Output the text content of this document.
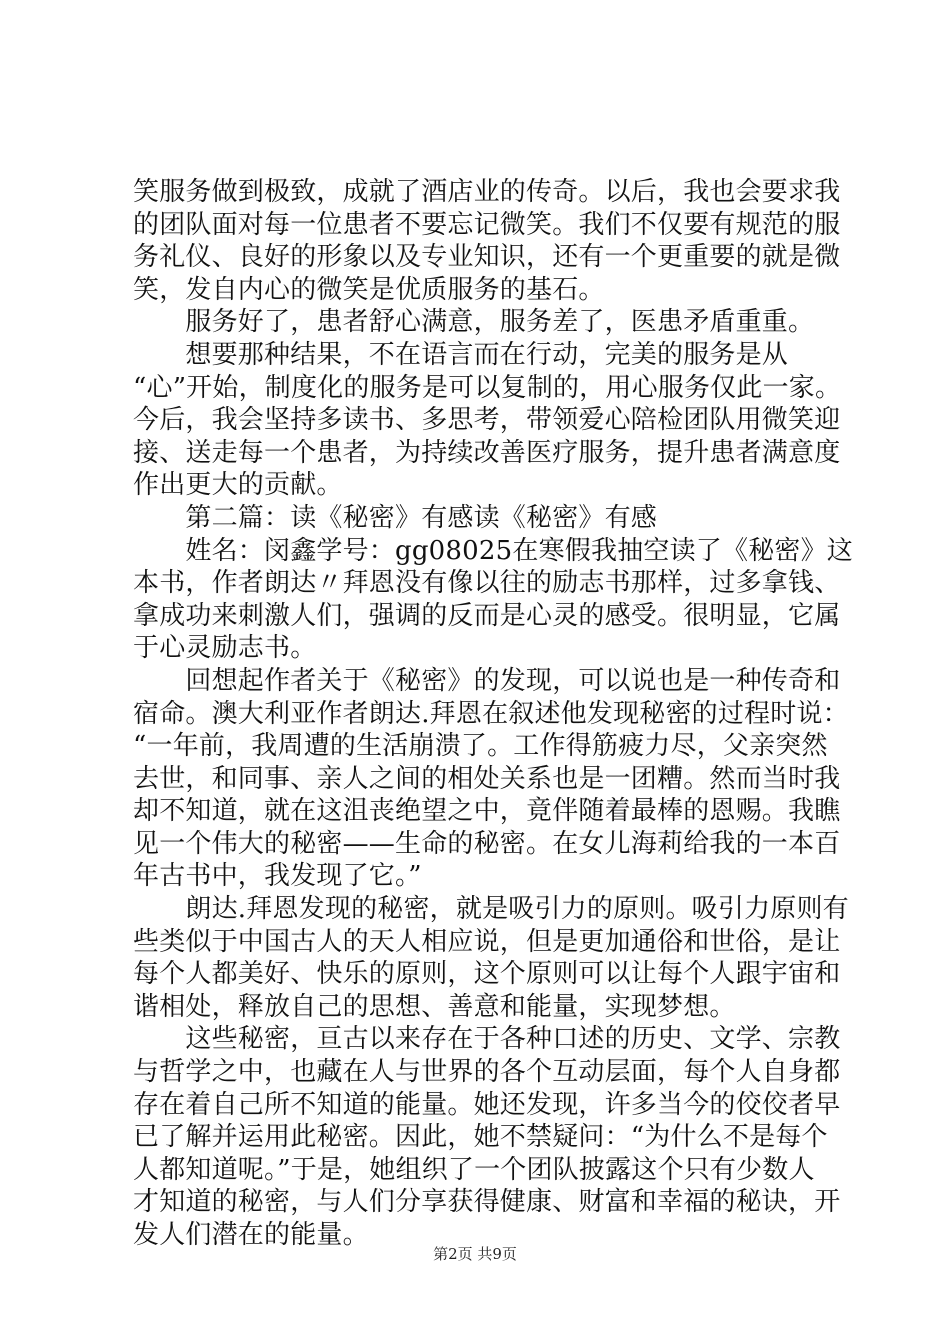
笑服务做到极致，成就了酒店业的传奇。以后，我也会要求我
的团队面对每一位患者不要忘记微笑。我们不仅要有规范的服
务礼仪、良好的形象以及专业知识，还有一个更重要的就是微
笑，发自内心的微笑是优质服务的基石。
　　服务好了，患者舒心满意，服务差了，医患矛盾重重。
　　想要那种结果，不在语言而在行动，完美的服务是从
“心”开始，制度化的服务是可以复制的，用心服务仅此一家。
今后，我会坚持多读书、多思考，带领爱心陪检团队用微笑迎
接、送走每一个患者，为持续改善医疗服务，提升患者满意度
作出更大的贡献。
　　第二篇：读《秘密》有感读《秘密》有感
　　姓名：闵鑫学号：gg08025在寒假我抽空读了《秘密》这
本书，作者朗达〃拜恩没有像以往的励志书那样，过多拿钱、
拿成功来刺激人们，强调的反而是心灵的感受。很明显，它属
于心灵励志书。
　　回想起作者关于《秘密》的发现，可以说也是一种传奇和
宿命。澳大利亚作者朗达.拜恩在叙述他发现秘密的过程时说：
“一年前，我周遭的生活崩溃了。工作得筋疲力尽，父亲突然
去世，和同事、亲人之间的相处关系也是一团糟。然而当时我
却不知道，就在这沮丧绝望之中，竟伴随着最棒的恩赐。我瞧
见一个伟大的秘密——生命的秘密。在女儿海莉给我的一本百
年古书中，我发现了它。”
　　朗达.拜恩发现的秘密，就是吸引力的原则。吸引力原则有
些类似于中国古人的天人相应说，但是更加通俗和世俗，是让
每个人都美好、快乐的原则，这个原则可以让每个人跟宇宙和
谐相处，释放自己的思想、善意和能量，实现梦想。
　　这些秘密，亘古以来存在于各种口述的历史、文学、宗教
与哲学之中，也藏在人与世界的各个互动层面，每个人自身都
存在着自己所不知道的能量。她还发现，许多当今的佼佼者早
已了解并运用此秘密。因此，她不禁疑问：“为什么不是每个
人都知道呢。”于是，她组织了一个团队披露这个只有少数人
才知道的秘密，与人们分享获得健康、财富和幸福的秘诀，开
发人们潜在的能量。
第2页 共9页
